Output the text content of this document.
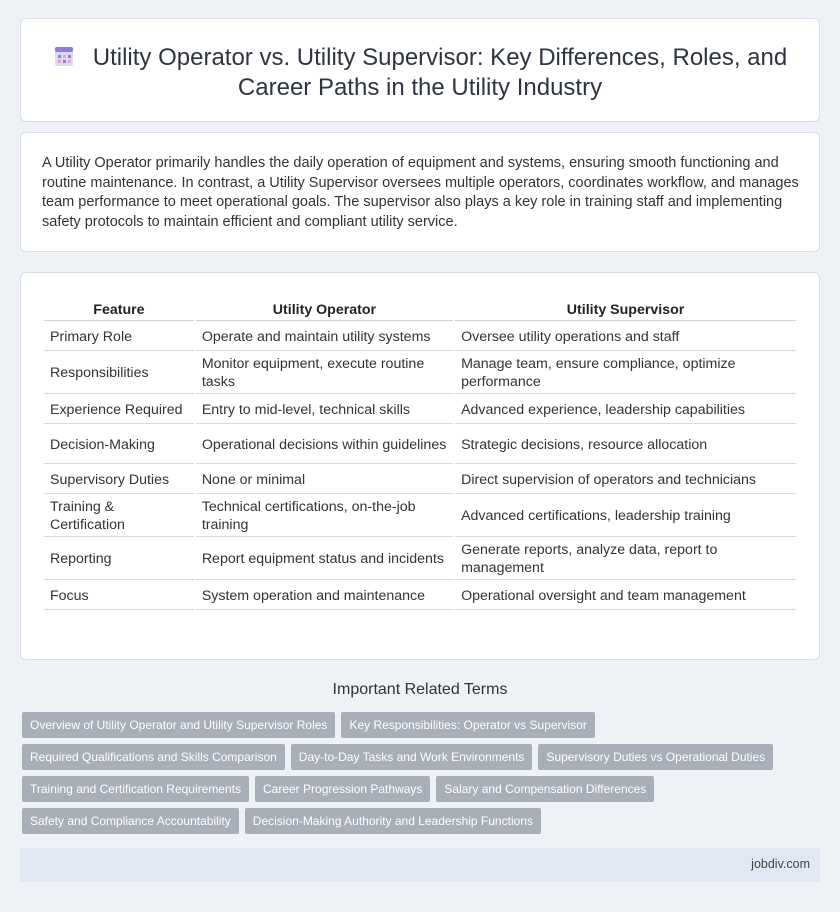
Utility Operator vs. Utility Supervisor: Key Differences, Roles, and Career Paths in the Utility Industry

A Utility Operator primarily handles the daily operation of equipment and systems, ensuring smooth functioning and routine maintenance. In contrast, a Utility Supervisor oversees multiple operators, coordinates workflow, and manages team performance to meet operational goals. The supervisor also plays a key role in training staff and implementing safety protocols to maintain efficient and compliant utility service.

Feature	Utility Operator	Utility Supervisor
Primary Role	Operate and maintain utility systems	Oversee utility operations and staff
Responsibilities	Monitor equipment, execute routine tasks	Manage team, ensure compliance, optimize performance
Experience Required	Entry to mid-level, technical skills	Advanced experience, leadership capabilities
Decision-Making	Operational decisions within guidelines	Strategic decisions, resource allocation
Supervisory Duties	None or minimal	Direct supervision of operators and technicians
Training & Certification	Technical certifications, on-the-job training	Advanced certifications, leadership training
Reporting	Report equipment status and incidents	Generate reports, analyze data, report to management
Focus	System operation and maintenance	Operational oversight and team management
Important Related Terms
Overview of Utility Operator and Utility Supervisor Roles Key Responsibilities: Operator vs Supervisor
Required Qualifications and Skills Comparison Day-to-Day Tasks and Work Environments Supervisory Duties vs Operational Duties
Training and Certification Requirements Career Progression Pathways Salary and Compensation Differences
Safety and Compliance Accountability Decision-Making Authority and Leadership Functions
jobdiv.com
